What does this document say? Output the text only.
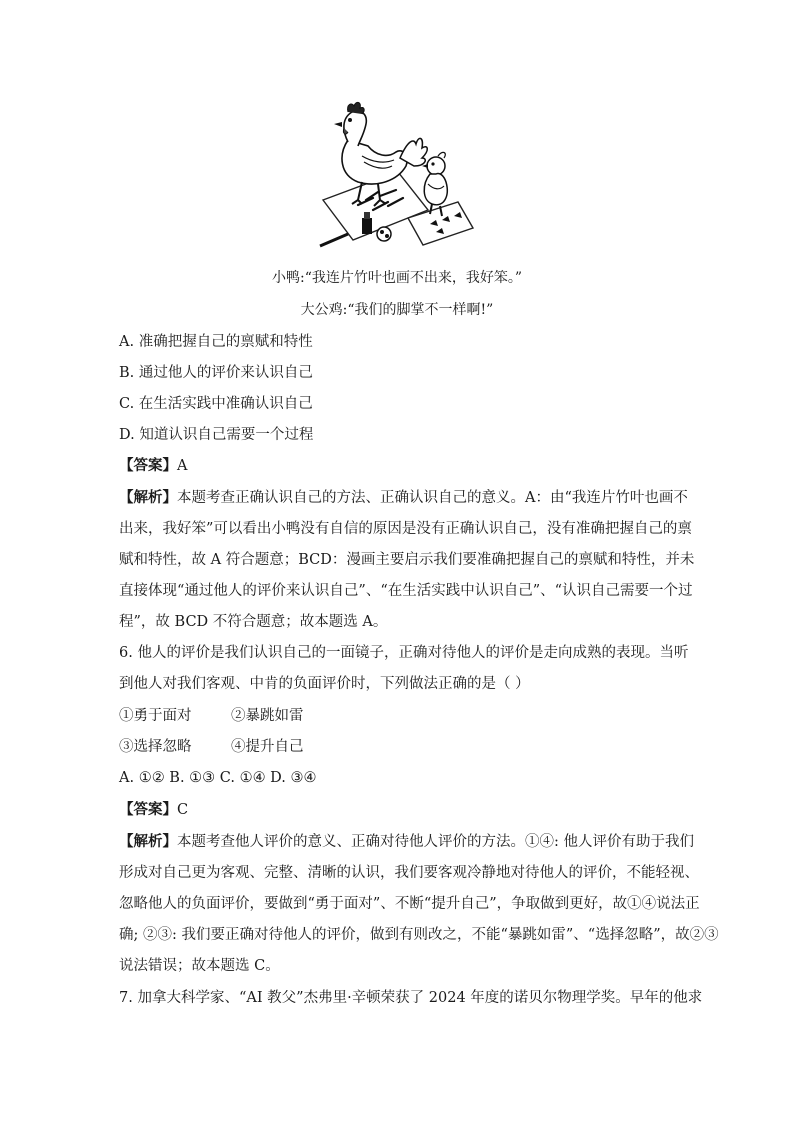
小鸭:“我连片竹叶也画不出来，我好笨。”
大公鸡:“我们的脚掌不一样啊!”
A. 准确把握自己的禀赋和特性
B. 通过他人的评价来认识自己
C. 在生活实践中准确认识自己
D. 知道认识自己需要一个过程
【答案】A
【解析】本题考查正确认识自己的方法、正确认识自己的意义。A：由“我连片竹叶也画不
出来，我好笨”可以看出小鸭没有自信的原因是没有正确认识自己，没有准确把握自己的禀
赋和特性，故 A 符合题意；BCD：漫画主要启示我们要准确把握自己的禀赋和特性，并未
直接体现“通过他人的评价来认识自己”、“在生活实践中认识自己”、“认识自己需要一个过
程”，故 BCD 不符合题意；故本题选 A。
6. 他人的评价是我们认识自己的一面镜子，正确对待他人的评价是走向成熟的表现。当听
到他人对我们客观、中肯的负面评价时，下列做法正确的是（ ）
①勇于面对	②暴跳如雷
③选择忽略	④提升自己
A. ①② B. ①③ C. ①④ D. ③④
【答案】C
【解析】本题考查他人评价的意义、正确对待他人评价的方法。①④: 他人评价有助于我们
形成对自己更为客观、完整、清晰的认识，我们要客观冷静地对待他人的评价，不能轻视、
忽略他人的负面评价，要做到“勇于面对”、不断“提升自己”，争取做到更好，故①④说法正
确; ②③: 我们要正确对待他人的评价，做到有则改之，不能“暴跳如雷”、“选择忽略”，故②③
说法错误；故本题选 C。
7. 加拿大科学家、“AI 教父”杰弗里·辛顿荣获了 2024 年度的诺贝尔物理学奖。早年的他求
